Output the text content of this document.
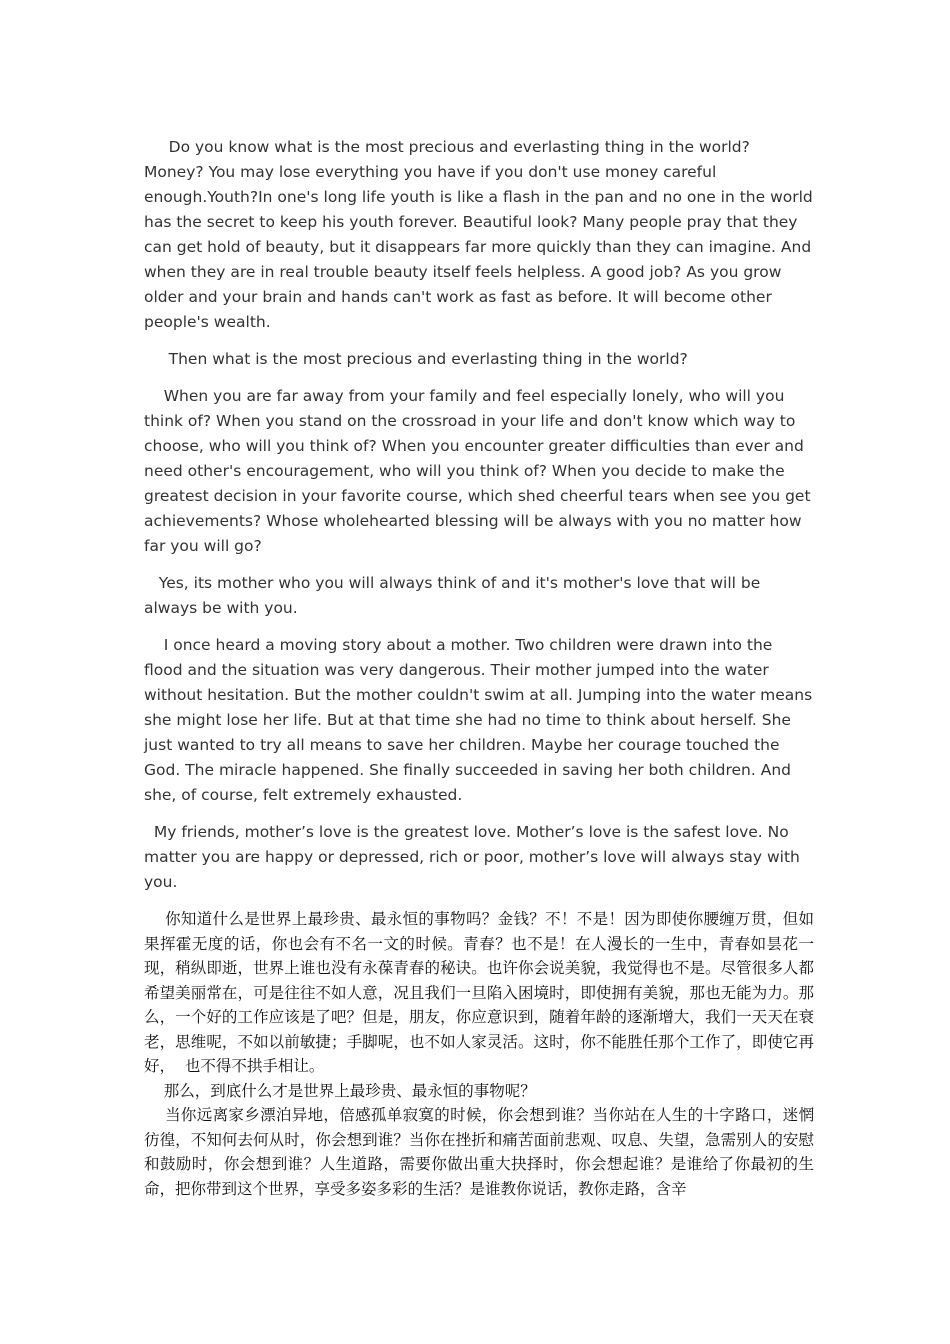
Do you know what is the most precious and everlasting thing in the world? Money? You may lose everything you have if you don't use money careful enough.Youth?In one's long life youth is like a flash in the pan and no one in the world has the secret to keep his youth forever. Beautiful look? Many people pray that they can get hold of beauty, but it disappears far more quickly than they can imagine. And when they are in real trouble beauty itself feels helpless. A good job? As you grow older and your brain and hands can't work as fast as before. It will become other people's wealth.

Then what is the most precious and everlasting thing in the world?

When you are far away from your family and feel especially lonely, who will you think of? When you stand on the crossroad in your life and don't know which way to choose, who will you think of? When you encounter greater difficulties than ever and need other's encouragement, who will you think of? When you decide to make the greatest decision in your favorite course, which shed cheerful tears when see you get achievements? Whose wholehearted blessing will be always with you no matter how far you will go?

Yes, its mother who you will always think of and it's mother's love that will be always be with you.

I once heard a moving story about a mother. Two children were drawn into the flood and the situation was very dangerous. Their mother jumped into the water without hesitation. But the mother couldn't swim at all. Jumping into the water means she might lose her life. But at that time she had no time to think about herself. She just wanted to try all means to save her children. Maybe her courage touched the God. The miracle happened. She finally succeeded in saving her both children. And she, of course, felt extremely exhausted.

My friends, mother’s love is the greatest love. Mother’s love is the safest love. No matter you are happy or depressed, rich or poor, mother’s love will always stay with you.

你知道什么是世界上最珍贵、最永恒的事物吗？金钱？不！不是！因为即使你腰缠万贯，但如果挥霍无度的话，你也会有不名一文的时候。青春？也不是！在人漫长的一生中，青春如昙花一现，稍纵即逝，世界上谁也没有永葆青春的秘诀。也许你会说美貌，我觉得也不是。尽管很多人都希望美丽常在，可是往往不如人意，况且我们一旦陷入困境时，即使拥有美貌，那也无能为力。那么，一个好的工作应该是了吧？但是，朋友，你应意识到，随着年龄的逐渐增大，我们一天天在衰老，思维呢，不如以前敏捷；手脚呢，也不如人家灵活。这时，你不能胜任那个工作了，即使它再好，  也不得不拱手相让。

那么，到底什么才是世界上最珍贵、最永恒的事物呢？

当你远离家乡漂泊异地，倍感孤单寂寞的时候，你会想到谁？当你站在人生的十字路口，迷惘彷徨，不知何去何从时，你会想到谁？当你在挫折和痛苦面前悲观、叹息、失望，急需别人的安慰和鼓励时，你会想到谁？人生道路，需要你做出重大抉择时，你会想起谁？是谁给了你最初的生命，把你带到这个世界，享受多姿多彩的生活？是谁教你说话，教你走路，含辛
